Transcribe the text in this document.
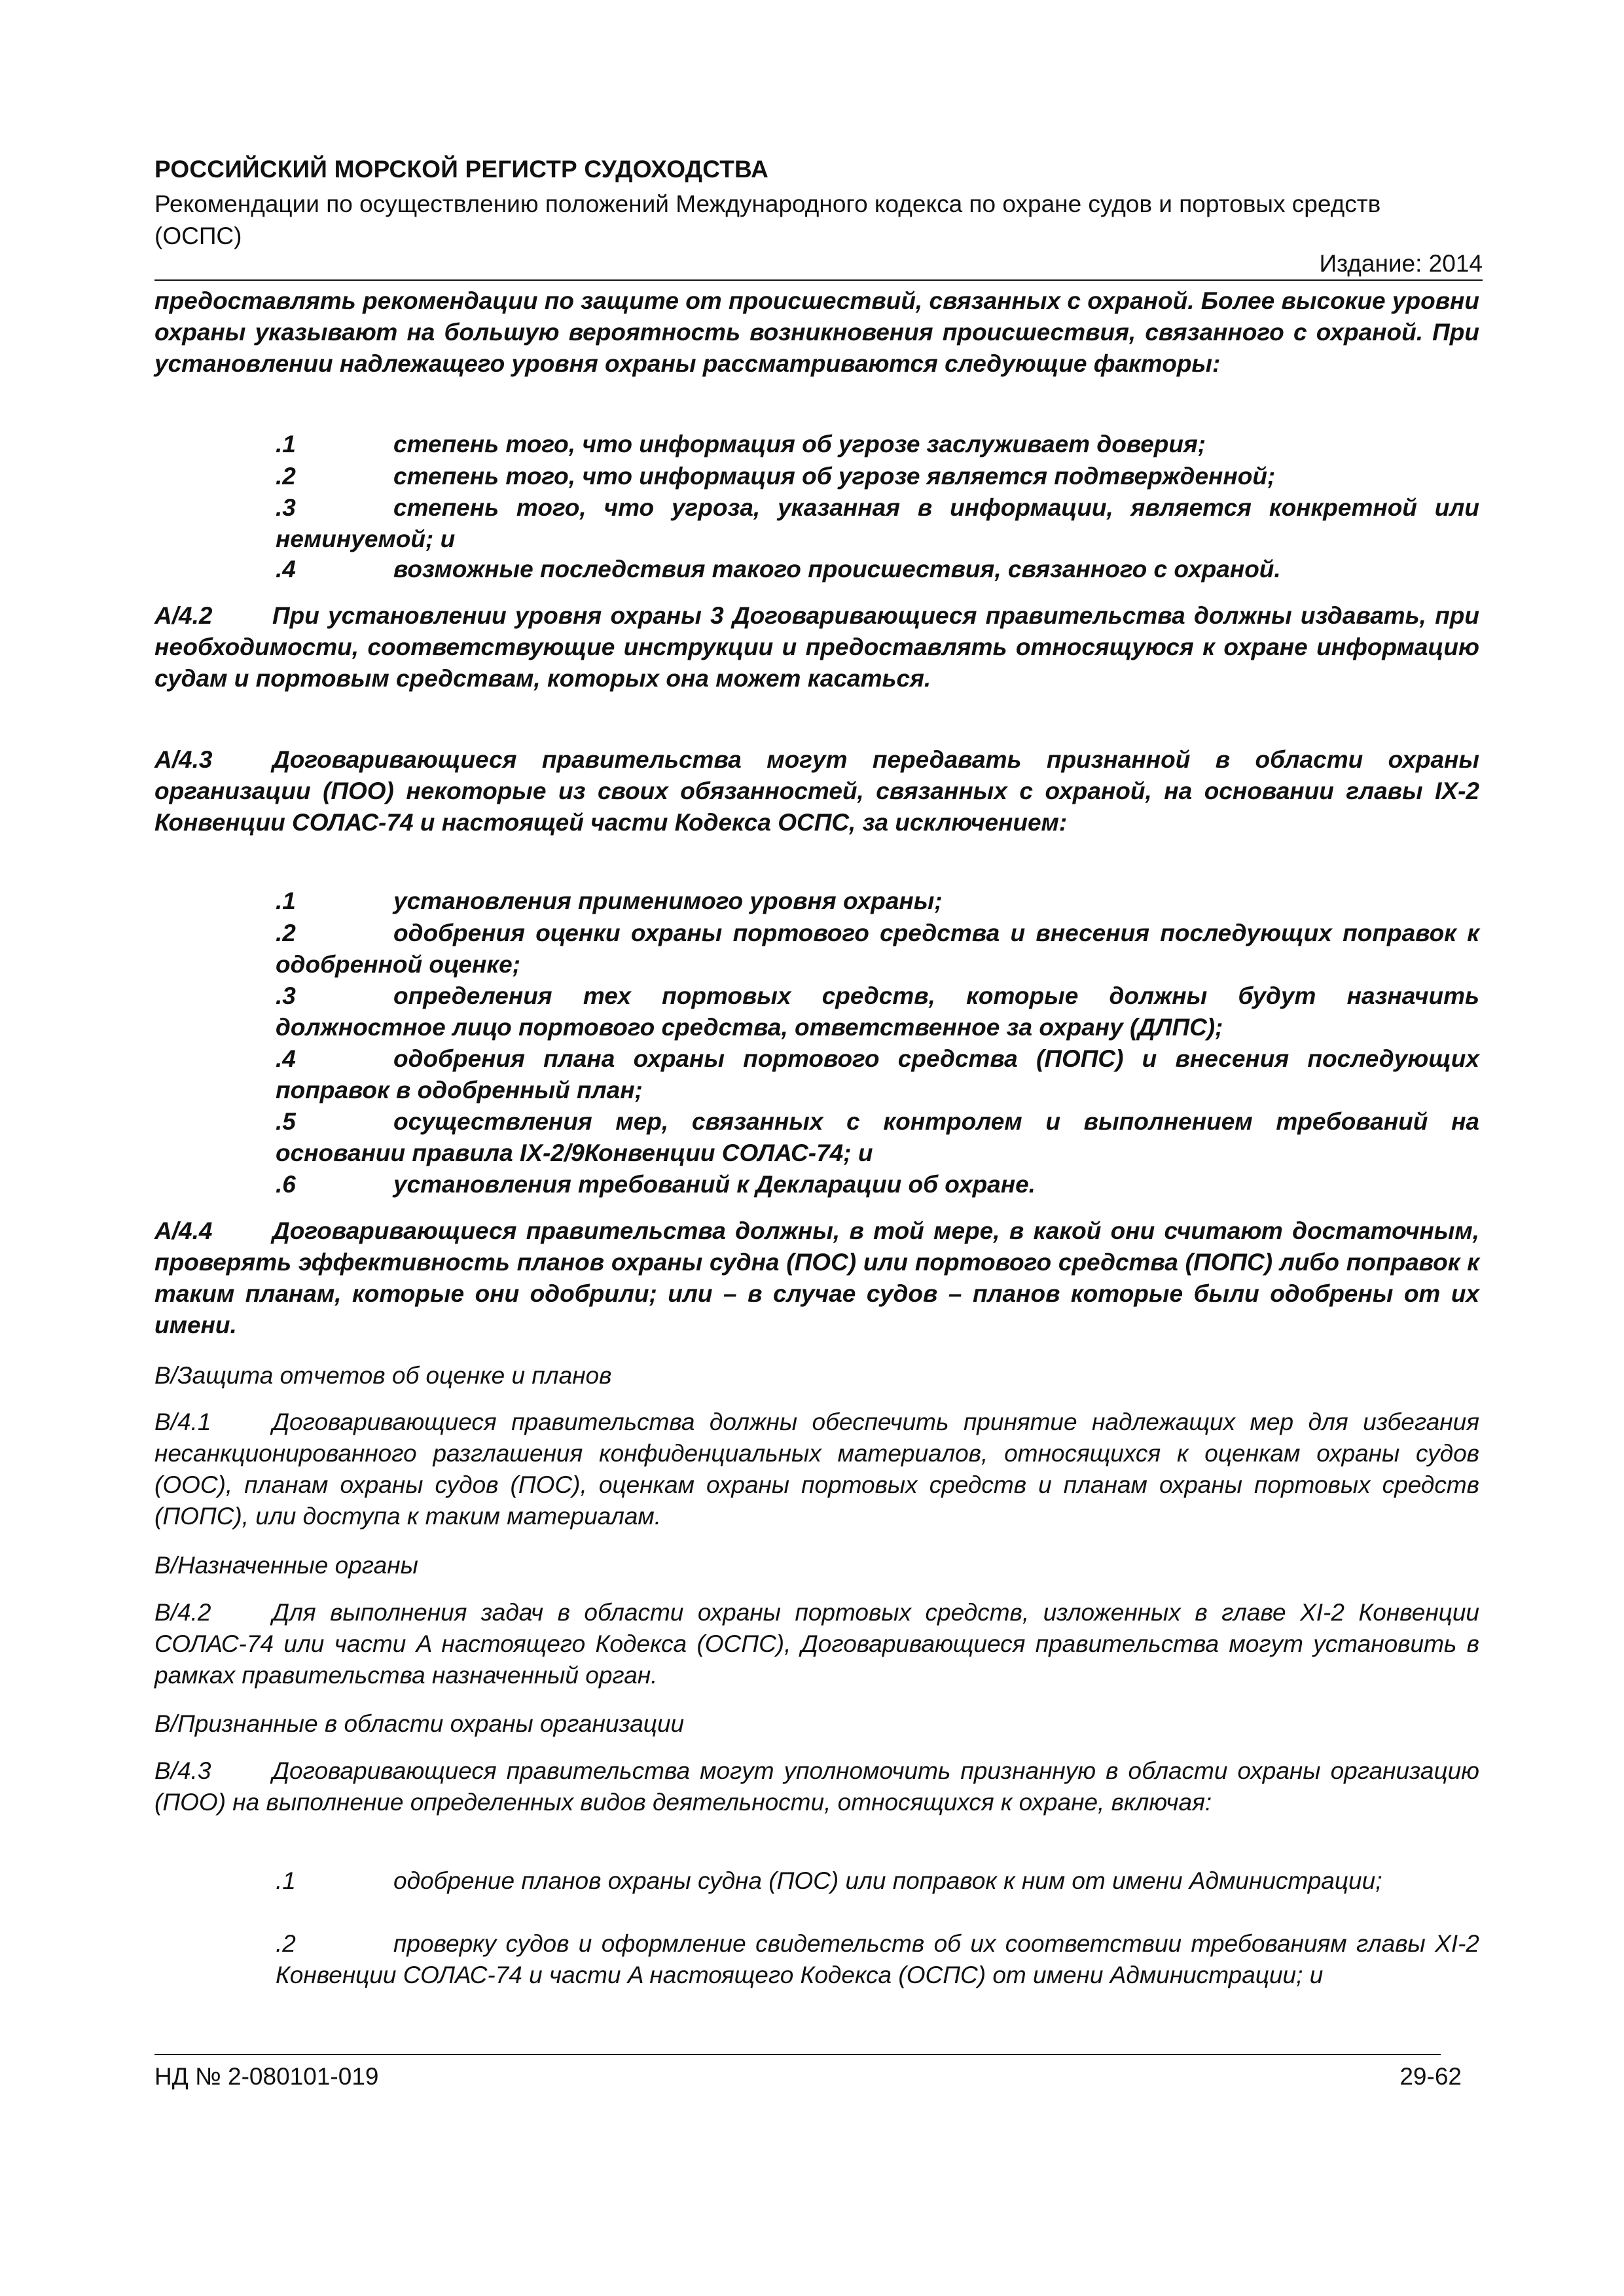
РОССИЙСКИЙ МОРСКОЙ РЕГИСТР СУДОХОДСТВА
Рекомендации по осуществлению положений Международного кодекса по охране судов и портовых средств (ОСПС)
Издание: 2014
предоставлять рекомендации по защите от происшествий, связанных с охраной. Более высокие уровни охраны указывают на большую вероятность возникновения происшествия, связанного с охраной. При установлении надлежащего уровня охраны рассматриваются следующие факторы:
.1	степень того, что информация об угрозе заслуживает доверия;
.2	степень того, что информация об угрозе является подтвержденной;
.3	степень того, что угроза, указанная в информации, является конкретной или неминуемой; и
.4	возможные последствия такого происшествия, связанного с охраной.
A/4.2 При установлении уровня охраны 3 Договаривающиеся правительства должны издавать, при необходимости, соответствующие инструкции и предоставлять относящуюся к охране информацию судам и портовым средствам, которых она может касаться.
A/4.3 Договаривающиеся правительства могут передавать признанной в области охраны организации (ПОО) некоторые из своих обязанностей, связанных с охраной, на основании главы IX-2 Конвенции СОЛАС-74 и настоящей части Кодекса ОСПС, за исключением:
.1	установления применимого уровня охраны;
.2	одобрения оценки охраны портового средства и внесения последующих поправок к одобренной оценке;
.3	определения тех портовых средств, которые должны будут назначить должностное лицо портового средства, ответственное за охрану (ДЛПС);
.4	одобрения плана охраны портового средства (ПОПС) и внесения последующих поправок в одобренный план;
.5	осуществления мер, связанных с контролем и выполнением требований на основании правила IX-2/9Конвенции СОЛАС-74; и
.6	установления требований к Декларации об охране.
A/4.4 Договаривающиеся правительства должны, в той мере, в какой они считают достаточным, проверять эффективность планов охраны судна (ПОС) или портового средства (ПОПС) либо поправок к таким планам, которые они одобрили; или – в случае судов – планов которые были одобрены от их имени.
B/Защита отчетов об оценке и планов
B/4.1	Договаривающиеся правительства должны обеспечить принятие надлежащих мер для избегания несанкционированного разглашения конфиденциальных материалов, относящихся к оценкам охраны судов (ООС), планам охраны судов (ПОС), оценкам охраны портовых средств и планам охраны портовых средств (ПОПС), или доступа к таким материалам.
B/Назначенные органы
B/4.2	Для выполнения задач в области охраны портовых средств, изложенных в главе XI-2 Конвенции СОЛАС-74 или части A настоящего Кодекса (ОСПС), Договаривающиеся правительства могут установить в рамках правительства назначенный орган.
B/Признанные в области охраны организации
B/4.3	Договаривающиеся правительства могут уполномочить признанную в области охраны организацию (ПОО) на выполнение определенных видов деятельности, относящихся к охране, включая:
.1	одобрение планов охраны судна (ПОС) или поправок к ним от имени Администрации;
.2	проверку судов и оформление свидетельств об их соответствии требованиям главы XI-2 Конвенции СОЛАС-74 и части A настоящего Кодекса (ОСПС) от имени Администрации; и
НД № 2-080101-019	29-62
